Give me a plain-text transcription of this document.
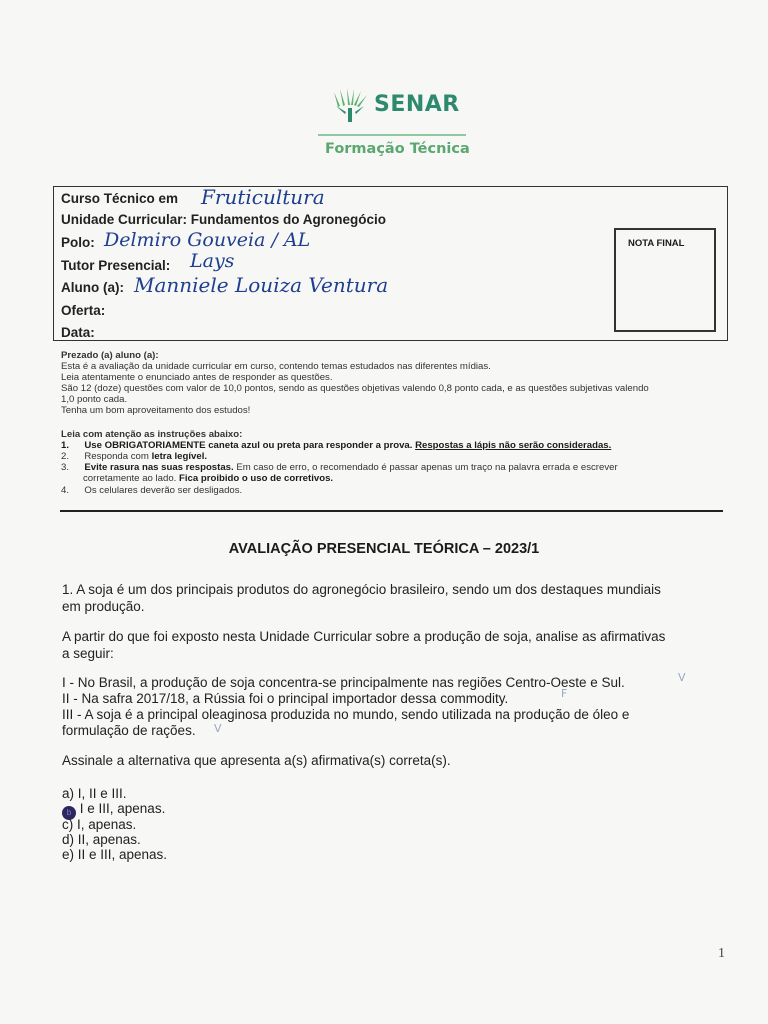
SENAR
Formação Técnica
Curso Técnico em Fruticultura
Unidade Curricular: Fundamentos do Agronegócio
Polo: Delmiro Gouveia / AL
Tutor Presencial: Lays
Aluno (a): Manniele Louiza Ventura
Oferta:
Data:
NOTA FINAL
Prezado (a) aluno (a):
Esta é a avaliação da unidade curricular em curso, contendo temas estudados nas diferentes mídias.
Leia atentamente o enunciado antes de responder as questões.
São 12 (doze) questões com valor de 10,0 pontos, sendo as questões objetivas valendo 0,8 ponto cada, e as questões subjetivas valendo
1,0 ponto cada.
Tenha um bom aproveitamento dos estudos!
Leia com atenção as instruções abaixo:
1. Use OBRIGATORIAMENTE caneta azul ou preta para responder a prova. Respostas a lápis não serão consideradas.
2. Responda com letra legível.
3. Evite rasura nas suas respostas. Em caso de erro, o recomendado é passar apenas um traço na palavra errada e escrever
corretamente ao lado. Fica proibido o uso de corretivos.
4. Os celulares deverão ser desligados.
AVALIAÇÃO PRESENCIAL TEÓRICA – 2023/1
1. A soja é um dos principais produtos do agronegócio brasileiro, sendo um dos destaques mundiais
em produção.
A partir do que foi exposto nesta Unidade Curricular sobre a produção de soja, analise as afirmativas
a seguir:
I - No Brasil, a produção de soja concentra-se principalmente nas regiões Centro-Oeste e Sul.	V
II - Na safra 2017/18, a Rússia foi o principal importador dessa commodity.	F
III - A soja é a principal oleaginosa produzida no mundo, sendo utilizada na produção de óleo e
formulação de rações. V
Assinale a alternativa que apresenta a(s) afirmativa(s) correta(s).
a) I, II e III.
b I e III, apenas.
c) I, apenas.
d) II, apenas.
e) II e III, apenas.
1
